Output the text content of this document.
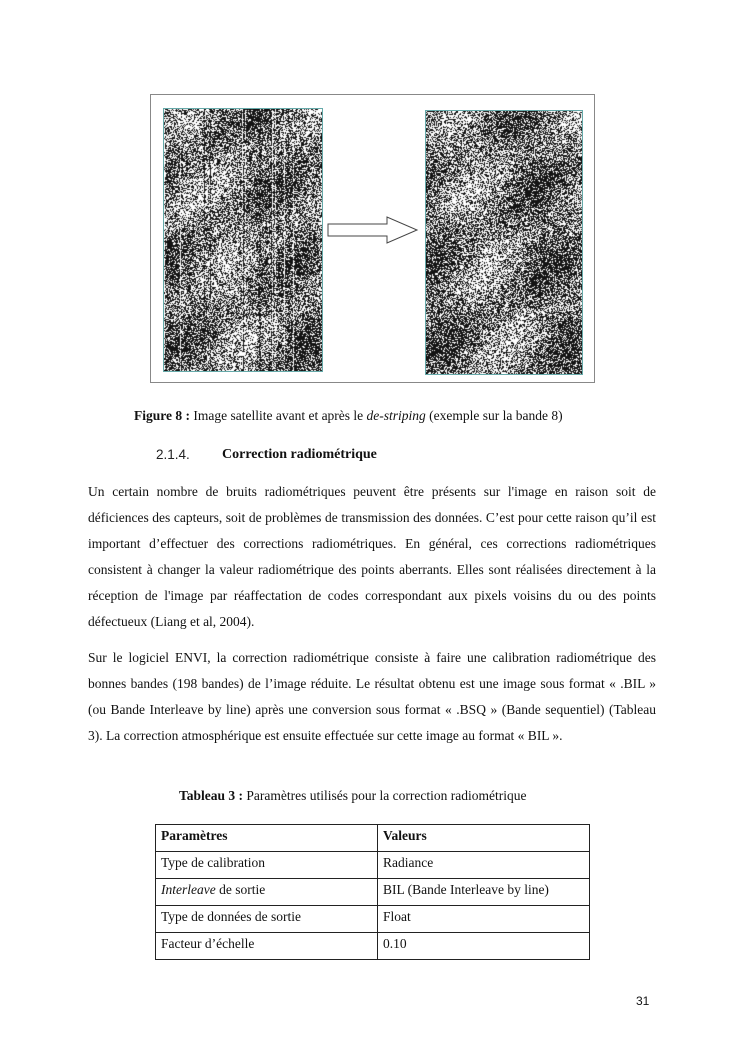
Figure 8 : Image satellite avant et après le de-striping (exemple sur la bande 8)
2.1.4. Correction radiométrique
Un certain nombre de bruits radiométriques peuvent être présents sur l'image en raison soit de déficiences des capteurs, soit de problèmes de transmission des données. C’est pour cette raison qu’il est important d’effectuer des corrections radiométriques. En général, ces corrections radiométriques consistent à changer la valeur radiométrique des points aberrants. Elles sont réalisées directement à la réception de l'image par réaffectation de codes correspondant aux pixels voisins du ou des points défectueux (Liang et al, 2004).
Sur le logiciel ENVI, la correction radiométrique consiste à faire une calibration radiométrique des bonnes bandes (198 bandes) de l’image réduite. Le résultat obtenu est une image sous format « .BIL » (ou Bande Interleave by line) après une conversion sous format « .BSQ » (Bande sequentiel) (Tableau 3). La correction atmosphérique est ensuite effectuée sur cette image au format « BIL ».
Tableau 3 : Paramètres utilisés pour la correction radiométrique
Paramètres	Valeurs
Type de calibration	Radiance
Interleave de sortie	BIL (Bande Interleave by line)
Type de données de sortie	Float
Facteur d’échelle	0.10
31
